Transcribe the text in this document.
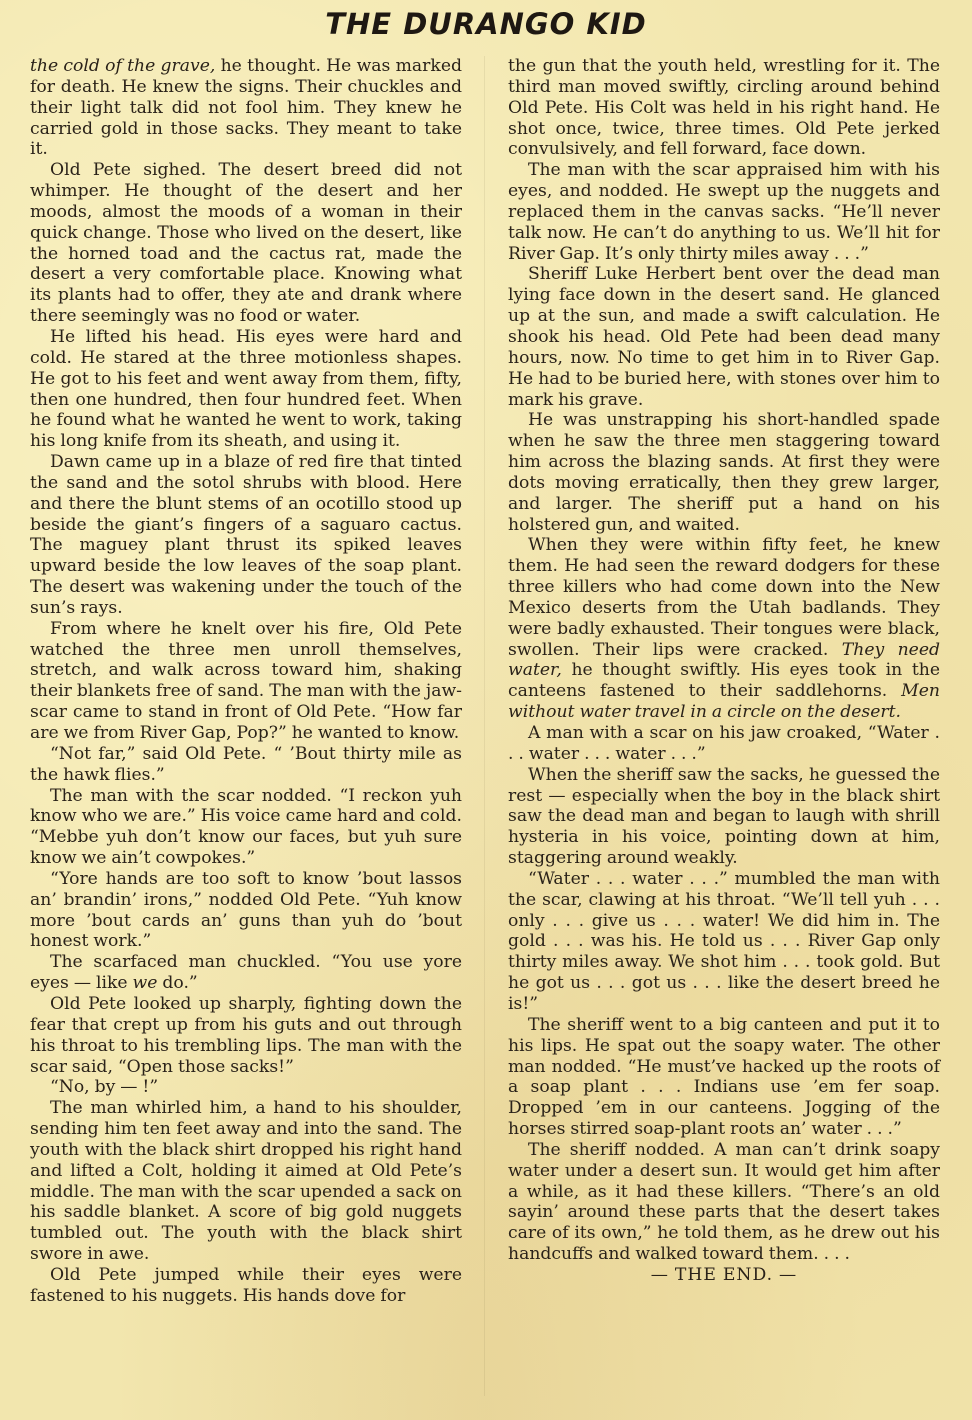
THE DURANGO KID

the cold of the grave, he thought. He was marked for death. He knew the signs. Their chuckles and their light talk did not fool him. They knew he carried gold in those sacks. They meant to take it.

Old Pete sighed. The desert breed did not whimper. He thought of the desert and her moods, almost the moods of a woman in their quick change. Those who lived on the desert, like the horned toad and the cactus rat, made the desert a very comfortable place. Knowing what its plants had to offer, they ate and drank where there seemingly was no food or water.

He lifted his head. His eyes were hard and cold. He stared at the three motionless shapes. He got to his feet and went away from them, fifty, then one hundred, then four hundred feet. When he found what he wanted he went to work, taking his long knife from its sheath, and using it.

Dawn came up in a blaze of red fire that tinted the sand and the sotol shrubs with blood. Here and there the blunt stems of an ocotillo stood up beside the giant’s fingers of a saguaro cactus. The maguey plant thrust its spiked leaves upward beside the low leaves of the soap plant. The desert was wakening under the touch of the sun’s rays.

From where he knelt over his fire, Old Pete watched the three men unroll themselves, stretch, and walk across toward him, shaking their blankets free of sand. The man with the jaw-scar came to stand in front of Old Pete. “How far are we from River Gap, Pop?” he wanted to know.

“Not far,” said Old Pete. “ ’Bout thirty mile as the hawk flies.”

The man with the scar nodded. “I reckon yuh know who we are.” His voice came hard and cold. “Mebbe yuh don’t know our faces, but yuh sure know we ain’t cowpokes.”

“Yore hands are too soft to know ’bout lassos an’ brandin’ irons,” nodded Old Pete. “Yuh know more ’bout cards an’ guns than yuh do ’bout honest work.”

The scarfaced man chuckled. “You use yore eyes — like we do.”

Old Pete looked up sharply, fighting down the fear that crept up from his guts and out through his throat to his trembling lips. The man with the scar said, “Open those sacks!”

“No, by — !”

The man whirled him, a hand to his shoulder, sending him ten feet away and into the sand. The youth with the black shirt dropped his right hand and lifted a Colt, holding it aimed at Old Pete’s middle. The man with the scar upended a sack on his saddle blanket. A score of big gold nuggets tumbled out. The youth with the black shirt swore in awe.

Old Pete jumped while their eyes were fastened to his nuggets. His hands dove for

the gun that the youth held, wrestling for it. The third man moved swiftly, circling around behind Old Pete. His Colt was held in his right hand. He shot once, twice, three times. Old Pete jerked convulsively, and fell forward, face down.

The man with the scar appraised him with his eyes, and nodded. He swept up the nuggets and replaced them in the canvas sacks. “He’ll never talk now. He can’t do anything to us. We’ll hit for River Gap. It’s only thirty miles away . . .”

Sheriff Luke Herbert bent over the dead man lying face down in the desert sand. He glanced up at the sun, and made a swift calculation. He shook his head. Old Pete had been dead many hours, now. No time to get him in to River Gap. He had to be buried here, with stones over him to mark his grave.

He was unstrapping his short-handled spade when he saw the three men staggering toward him across the blazing sands. At first they were dots moving erratically, then they grew larger, and larger. The sheriff put a hand on his holstered gun, and waited.

When they were within fifty feet, he knew them. He had seen the reward dodgers for these three killers who had come down into the New Mexico deserts from the Utah badlands. They were badly exhausted. Their tongues were black, swollen. Their lips were cracked. They need water, he thought swiftly. His eyes took in the canteens fastened to their saddlehorns. Men without water travel in a circle on the desert.

A man with a scar on his jaw croaked, “Water . . . water . . . water . . .”

When the sheriff saw the sacks, he guessed the rest — especially when the boy in the black shirt saw the dead man and began to laugh with shrill hysteria in his voice, pointing down at him, staggering around weakly.

“Water . . . water . . .” mumbled the man with the scar, clawing at his throat. “We’ll tell yuh . . . only . . . give us . . . water! We did him in. The gold . . . was his. He told us . . . River Gap only thirty miles away. We shot him . . . took gold. But he got us . . . got us . . . like the desert breed he is!”

The sheriff went to a big canteen and put it to his lips. He spat out the soapy water. The other man nodded. “He must’ve hacked up the roots of a soap plant . . . Indians use ’em fer soap. Dropped ’em in our canteens. Jogging of the horses stirred soap-plant roots an’ water . . .”

The sheriff nodded. A man can’t drink soapy water under a desert sun. It would get him after a while, as it had these killers. “There’s an old sayin’ around these parts that the desert takes care of its own,” he told them, as he drew out his handcuffs and walked toward them. . . .

— THE END. —
